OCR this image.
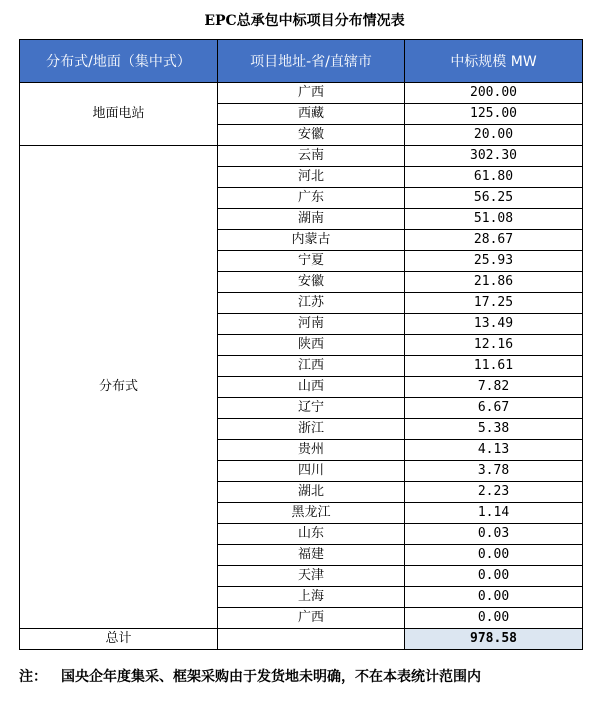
EPC总承包中标项目分布情况表
分布式/地面（集中式）	项目地址-省/直辖市	中标规模 MW
地面电站	广西	200.00
	西藏	125.00
	安徽	20.00
分布式	云南	302.30
	河北	61.80
	广东	56.25
	湖南	51.08
	内蒙古	28.67
	宁夏	25.93
	安徽	21.86
	江苏	17.25
	河南	13.49
	陕西	12.16
	江西	11.61
	山西	7.82
	辽宁	6.67
	浙江	5.38
	贵州	4.13
	四川	3.78
	湖北	2.23
	黑龙江	1.14
	山东	0.03
	福建	0.00
	天津	0.00
	上海	0.00
	广西	0.00
总计		978.58
注： 国央企年度集采、框架采购由于发货地未明确，不在本表统计范围内
